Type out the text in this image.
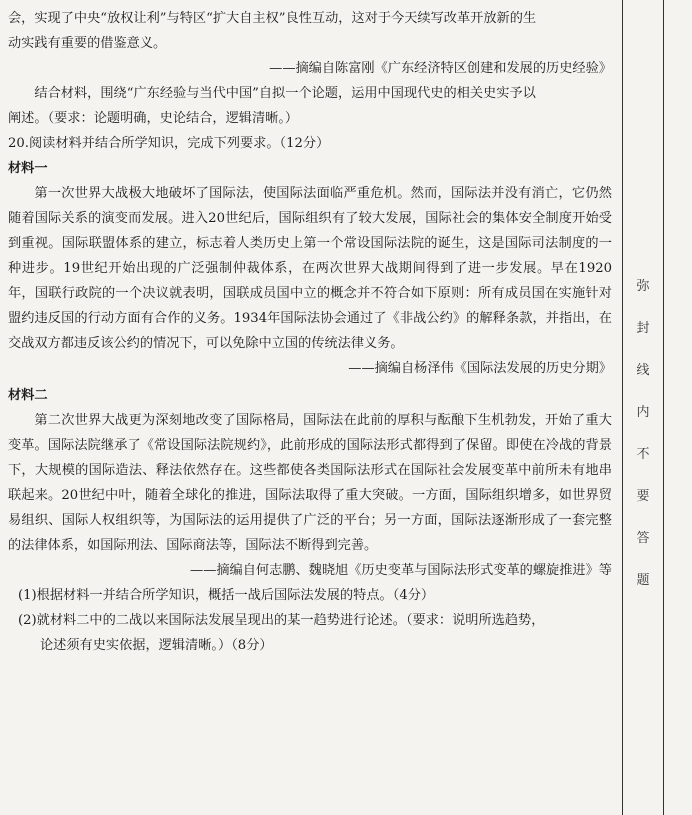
会，实现了中央“放权让利”与特区“扩大自主权”良性互动，这对于今天续写改革开放新的生

动实践有重要的借鉴意义。

——摘编自陈富刚《广东经济特区创建和发展的历史经验》

结合材料，围绕“广东经验与当代中国”自拟一个论题，运用中国现代史的相关史实予以

阐述。（要求：论题明确，史论结合，逻辑清晰。）

20.阅读材料并结合所学知识，完成下列要求。（12分）

材料一

第一次世界大战极大地破坏了国际法，使国际法面临严重危机。然而，国际法并没有消亡，它仍然随着国际关系的演变而发展。进入20世纪后，国际组织有了较大发展，国际社会的集体安全制度开始受到重视。国际联盟体系的建立，标志着人类历史上第一个常设国际法院的诞生，这是国际司法制度的一种进步。19世纪开始出现的广泛强制仲裁体系，在两次世界大战期间得到了进一步发展。早在1920年，国联行政院的一个决议就表明，国联成员国中立的概念并不符合如下原则：所有成员国在实施针对盟约违反国的行动方面有合作的义务。1934年国际法协会通过了《非战公约》的解释条款，并指出，在交战双方都违反该公约的情况下，可以免除中立国的传统法律义务。

——摘编自杨泽伟《国际法发展的历史分期》

材料二

第二次世界大战更为深刻地改变了国际格局，国际法在此前的厚积与酝酿下生机勃发，开始了重大变革。国际法院继承了《常设国际法院规约》，此前形成的国际法形式都得到了保留。即使在冷战的背景下，大规模的国际造法、释法依然存在。这些都使各类国际法形式在国际社会发展变革中前所未有地串联起来。20世纪中叶，随着全球化的推进，国际法取得了重大突破。一方面，国际组织增多，如世界贸易组织、国际人权组织等，为国际法的运用提供了广泛的平台；另一方面，国际法逐渐形成了一套完整的法律体系，如国际刑法、国际商法等，国际法不断得到完善。

——摘编自何志鹏、魏晓旭《历史变革与国际法形式变革的螺旋推进》等

(1)根据材料一并结合所学知识，概括一战后国际法发展的特点。（4分）

(2)就材料二中的二战以来国际法发展呈现出的某一趋势进行论述。（要求：说明所选趋势，

论述须有史实依据，逻辑清晰。）（8分）

弥
封
线
内
不
要
答
题
